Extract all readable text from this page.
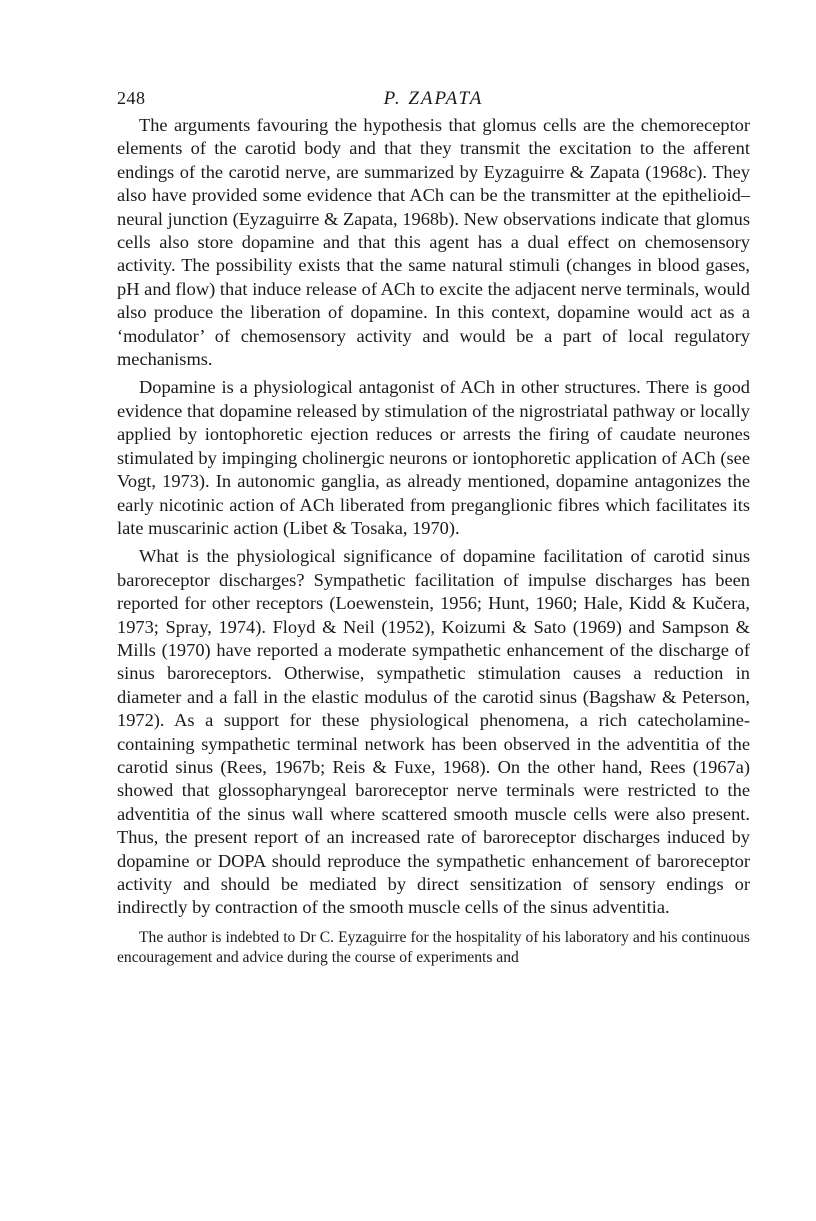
248	P. ZAPATA

The arguments favouring the hypothesis that glomus cells are the chemoreceptor elements of the carotid body and that they transmit the excitation to the afferent endings of the carotid nerve, are summarized by Eyzaguirre & Zapata (1968c). They also have provided some evidence that ACh can be the transmitter at the epithelioid–neural junction (Eyzaguirre & Zapata, 1968b). New observations indicate that glomus cells also store dopamine and that this agent has a dual effect on chemosensory activity. The possibility exists that the same natural stimuli (changes in blood gases, pH and flow) that induce release of ACh to excite the adjacent nerve terminals, would also produce the liberation of dopamine. In this context, dopamine would act as a ‘modulator’ of chemosensory activity and would be a part of local regulatory mechanisms.

Dopamine is a physiological antagonist of ACh in other structures. There is good evidence that dopamine released by stimulation of the nigrostriatal pathway or locally applied by iontophoretic ejection reduces or arrests the firing of caudate neurones stimulated by impinging cholinergic neurons or iontophoretic application of ACh (see Vogt, 1973). In autonomic ganglia, as already mentioned, dopamine antagonizes the early nicotinic action of ACh liberated from preganglionic fibres which facilitates its late muscarinic action (Libet & Tosaka, 1970).

What is the physiological significance of dopamine facilitation of carotid sinus baroreceptor discharges? Sympathetic facilitation of impulse discharges has been reported for other receptors (Loewenstein, 1956; Hunt, 1960; Hale, Kidd & Kučera, 1973; Spray, 1974). Floyd & Neil (1952), Koizumi & Sato (1969) and Sampson & Mills (1970) have reported a moderate sympathetic enhancement of the discharge of sinus baroreceptors. Otherwise, sympathetic stimulation causes a reduction in diameter and a fall in the elastic modulus of the carotid sinus (Bagshaw & Peterson, 1972). As a support for these physiological phenomena, a rich catecholamine-containing sympathetic terminal network has been observed in the adventitia of the carotid sinus (Rees, 1967b; Reis & Fuxe, 1968). On the other hand, Rees (1967a) showed that glossopharyngeal baroreceptor nerve terminals were restricted to the adventitia of the sinus wall where scattered smooth muscle cells were also present. Thus, the present report of an increased rate of baroreceptor discharges induced by dopamine or DOPA should reproduce the sympathetic enhancement of baroreceptor activity and should be mediated by direct sensitization of sensory endings or indirectly by contraction of the smooth muscle cells of the sinus adventitia.

The author is indebted to Dr C. Eyzaguirre for the hospitality of his laboratory and his continuous encouragement and advice during the course of experiments and
